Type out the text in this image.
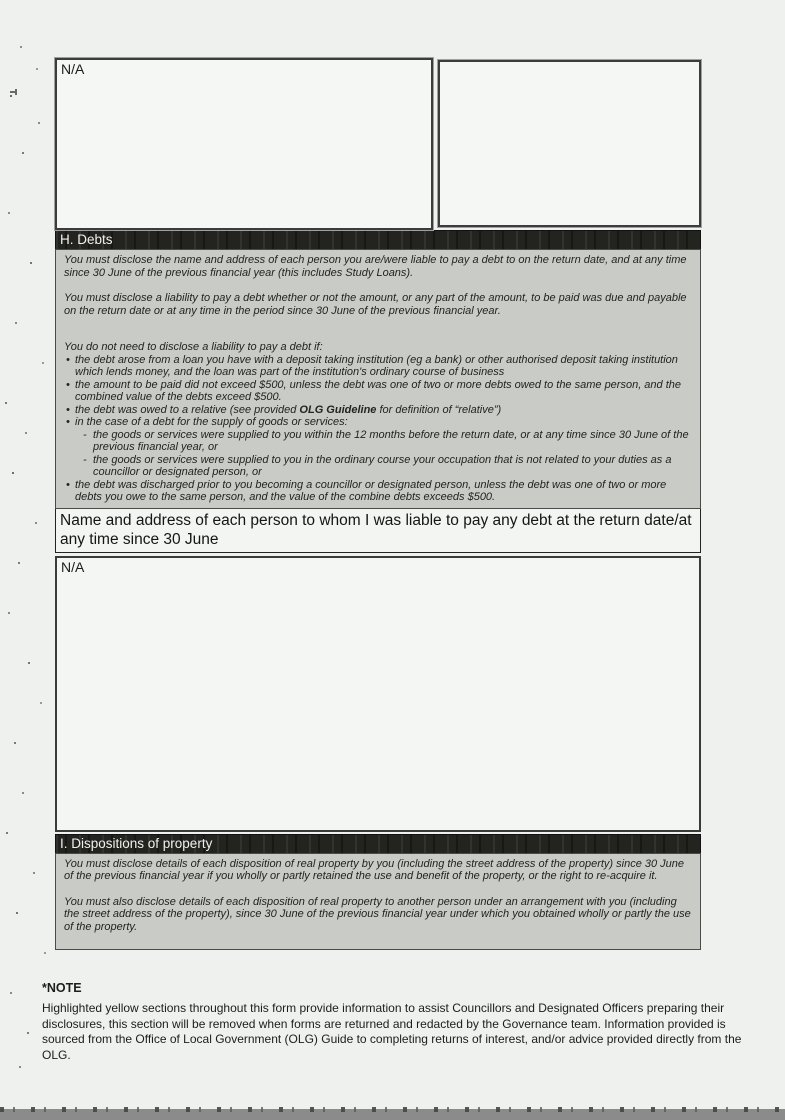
N/A
H. Debts

You must disclose the name and address of each person you are/were liable to pay a debt to on the return date, and at any time since 30 June of the previous financial year (this includes Study Loans).

You must disclose a liability to pay a debt whether or not the amount, or any part of the amount, to be paid was due and payable on the return date or at any time in the period since 30 June of the previous financial year.

You do not need to disclose a liability to pay a debt if:

• the debt arose from a loan you have with a deposit taking institution (eg a bank) or other authorised deposit taking institution which lends money, and the loan was part of the institution's ordinary course of business
• the amount to be paid did not exceed $500, unless the debt was one of two or more debts owed to the same person, and the combined value of the debts exceed $500.
• the debt was owed to a relative (see provided OLG Guideline for definition of “relative”)
• in the case of a debt for the supply of goods or services:
- the goods or services were supplied to you within the 12 months before the return date, or at any time since 30 June of the previous financial year, or
- the goods or services were supplied to you in the ordinary course your occupation that is not related to your duties as a councillor or designated person, or
• the debt was discharged prior to you becoming a councillor or designated person, unless the debt was one of two or more debts you owe to the same person, and the value of the combine debts exceeds $500.
Name and address of each person to whom I was liable to pay any debt at the return date/at any time since 30 June
N/A
I. Dispositions of property

You must disclose details of each disposition of real property by you (including the street address of the property) since 30 June of the previous financial year if you wholly or partly retained the use and benefit of the property, or the right to re-acquire it.

You must also disclose details of each disposition of real property to another person under an arrangement with you (including the street address of the property), since 30 June of the previous financial year under which you obtained wholly or partly the use of the property.

*NOTE
Highlighted yellow sections throughout this form provide information to assist Councillors and Designated Officers preparing their disclosures, this section will be removed when forms are returned and redacted by the Governance team. Information provided is sourced from the Office of Local Government (OLG) Guide to completing returns of interest, and/or advice provided directly from the OLG.
